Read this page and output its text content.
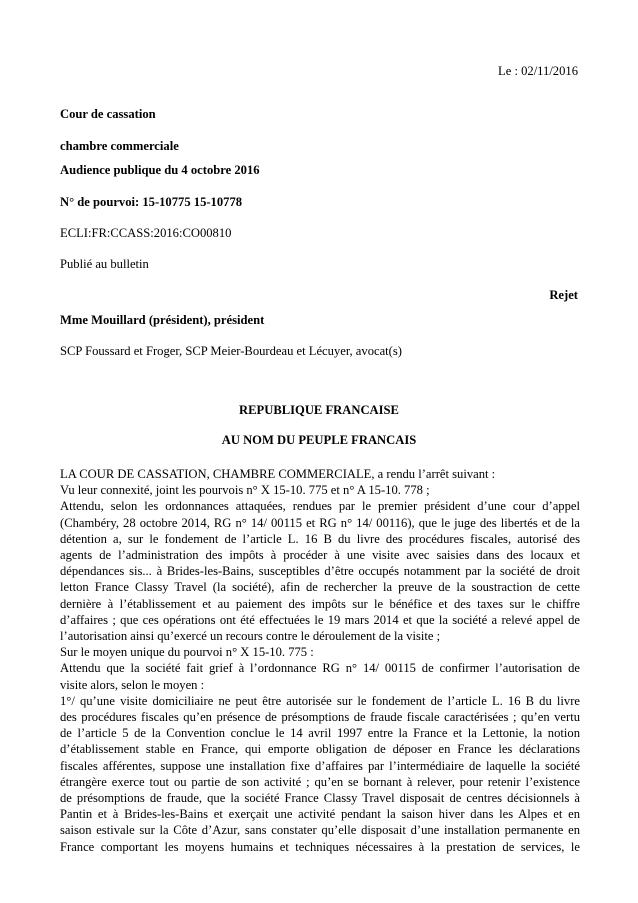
Le : 02/11/2016
Cour de cassation
chambre commerciale
Audience publique du 4 octobre 2016
N° de pourvoi: 15-10775 15-10778
ECLI:FR:CCASS:2016:CO00810
Publié au bulletin
Rejet
Mme Mouillard (président), président
SCP Foussard et Froger, SCP Meier-Bourdeau et Lécuyer, avocat(s)
REPUBLIQUE FRANCAISE
AU NOM DU PEUPLE FRANCAIS
LA COUR DE CASSATION, CHAMBRE COMMERCIALE, a rendu l’arrêt suivant :
Vu leur connexité, joint les pourvois n° X 15-10. 775 et n° A 15-10. 778 ;
Attendu, selon les ordonnances attaquées, rendues par le premier président d’une cour d’appel
(Chambéry, 28 octobre 2014, RG n° 14/ 00115 et RG n° 14/ 00116), que le juge des libertés et de la
détention a, sur le fondement de l’article L. 16 B du livre des procédures fiscales, autorisé des
agents de l’administration des impôts à procéder à une visite avec saisies dans des locaux et
dépendances sis... à Brides-les-Bains, susceptibles d’être occupés notamment par la société de droit
letton France Classy Travel (la société), afin de rechercher la preuve de la soustraction de cette
dernière à l’établissement et au paiement des impôts sur le bénéfice et des taxes sur le chiffre
d’affaires ; que ces opérations ont été effectuées le 19 mars 2014 et que la société a relevé appel de
l’autorisation ainsi qu’exercé un recours contre le déroulement de la visite ;
Sur le moyen unique du pourvoi n° X 15-10. 775 :
Attendu que la société fait grief à l’ordonnance RG n° 14/ 00115 de confirmer l’autorisation de
visite alors, selon le moyen :
1°/ qu’une visite domiciliaire ne peut être autorisée sur le fondement de l’article L. 16 B du livre
des procédures fiscales qu’en présence de présomptions de fraude fiscale caractérisées ; qu’en vertu
de l’article 5 de la Convention conclue le 14 avril 1997 entre la France et la Lettonie, la notion
d’établissement stable en France, qui emporte obligation de déposer en France les déclarations
fiscales afférentes, suppose une installation fixe d’affaires par l’intermédiaire de laquelle la société
étrangère exerce tout ou partie de son activité ; qu’en se bornant à relever, pour retenir l’existence
de présomptions de fraude, que la société France Classy Travel disposait de centres décisionnels à
Pantin et à Brides-les-Bains et exerçait une activité pendant la saison hiver dans les Alpes et en
saison estivale sur la Côte d’Azur, sans constater qu’elle disposait d’une installation permanente en
France comportant les moyens humains et techniques nécessaires à la prestation de services, le
